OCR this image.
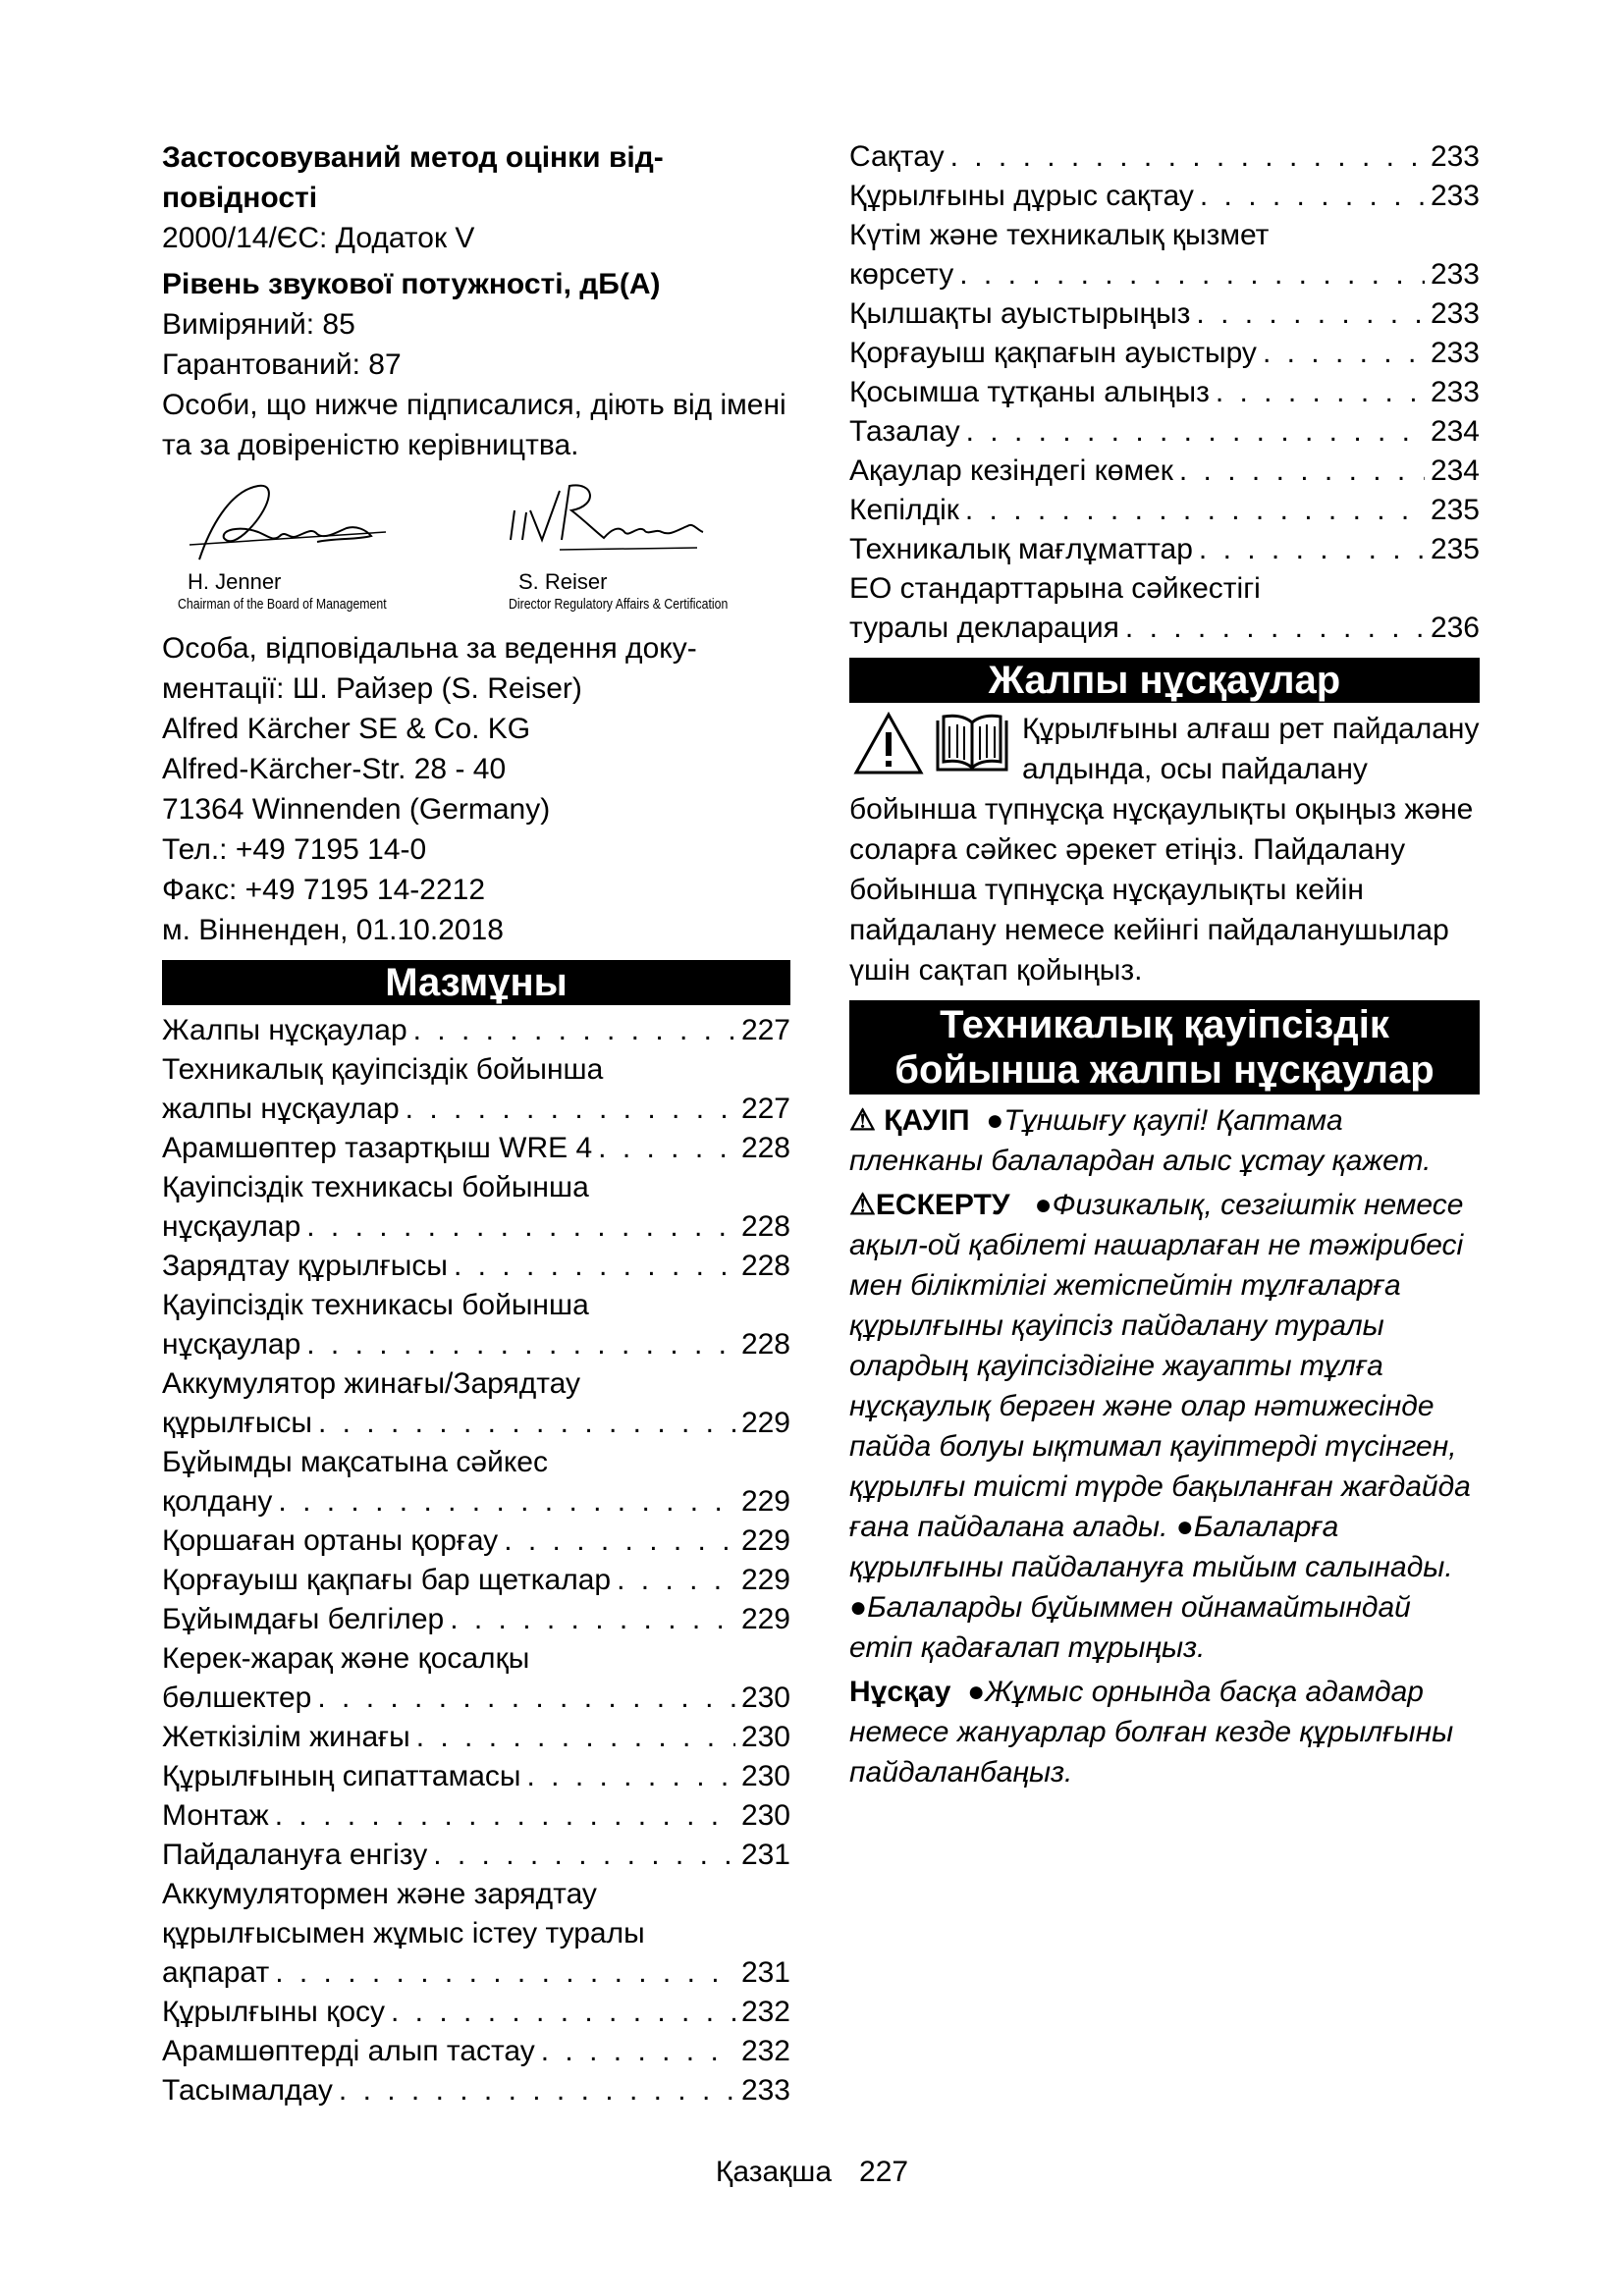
Застосовуваний метод оцінки від-повідності

2000/14/ЄС: Додаток V

Рівень звукової потужності, дБ(А)

Виміряний: 85

Гарантований: 87

Особи, що нижче підписалися, діють від імені та за довіреністю керівництва.

H. Jenner
Chairman of the Board of Management
S. Reiser
Director Regulatory Affairs & Certification

Особа, відповідальна за ведення доку-ментації: Ш. Райзер (S. Reiser)

Alfred Kärcher SE & Co. KG

Alfred-Kärcher-Str. 28 - 40

71364 Winnenden (Germany)

Тел.: +49 7195 14-0

Факс: +49 7195 14-2212

м. Вінненден, 01.10.2018

Мазмұны
Жалпы нұсқаулар . . .	227
Техникалық қауіпсіздік бойынша
жалпы нұсқаулар . . .	227
Арамшөптер тазартқыш WRE 4 . . .	228
Қауіпсіздік техникасы бойынша
нұсқаулар . . .	228
Зарядтау құрылғысы . . .	228
Қауіпсіздік техникасы бойынша
нұсқаулар . . .	228
Аккумулятор жинағы/Зарядтау
құрылғысы . . .	229
Бұйымды мақсатына сәйкес
қолдану . . .	229
Қоршаған ортаны қорғау . . .	229
Қорғауыш қақпағы бар щеткалар . . .	229
Бұйымдағы белгілер . . .	229
Керек-жарақ және қосалқы
бөлшектер . . .	230
Жеткізілім жинағы . . .	230
Құрылғының сипаттамасы . . .	230
Монтаж . . .	230
Пайдалануға енгізу . . .	231
Аккумулятормен және зарядтау
құрылғысымен жұмыс істеу туралы
ақпарат . . .	231
Құрылғыны қосу . . .	232
Арамшөптерді алып тастау . . .	232
Тасымалдау . . .	233
Сақтау . . .	233
Құрылғыны дұрыс сақтау . . .	233
Күтім және техникалық қызмет
көрсету . . .	233
Қылшақты ауыстырыңыз . . .	233
Қорғауыш қақпағын ауыстыру . . .	233
Қосымша тұтқаны алыңыз . . .	233
Тазалау . . .	234
Ақаулар кезіндегі көмек . . .	234
Кепілдік . . .	235
Техникалық мағлұматтар . . .	235
ЕО стандарттарына сәйкестігі
туралы декларация . . .	236
Жалпы нұсқаулар

Құрылғыны алғаш рет пайдалану алдында, осы пайдалану бойынша түпнұсқа нұсқаулықты оқыңыз және соларға сәйкес әрекет етіңіз. Пайдалану бойынша түпнұсқа нұсқаулықты кейін пайдалану немесе кейінгі пайдаланушылар үшін сақтап қойыңыз.

Техникалық қауіпсіздік
бойынша жалпы нұсқаулар

⚠ ҚАУІП ●Тұншығу қаупі! Қаптама пленканы балалардан алыс ұстау қажет.

⚠ЕСКЕРТУ ●Физикалық, сезгіштік немесе ақыл-ой қабілеті нашарлаған не тәжірибесі мен біліктілігі жетіспейтін тұлғаларға құрылғыны қауіпсіз пайдалану туралы олардың қауіпсіздігіне жауапты тұлға нұсқаулық берген және олар нәтижесінде пайда болуы ықтимал қауіптерді түсінген, құрылғы тиісті түрде бақыланған жағдайда ғана пайдалана алады. ●Балаларға құрылғыны пайдалануға тыйым салынады. ●Балаларды бұйыммен ойнамайтындай етіп қадағалап тұрыңыз.

Нұсқау ●Жұмыс орнында басқа адамдар немесе жануарлар болған кезде құрылғыны пайдаланбаңыз.

Қазақша 227
